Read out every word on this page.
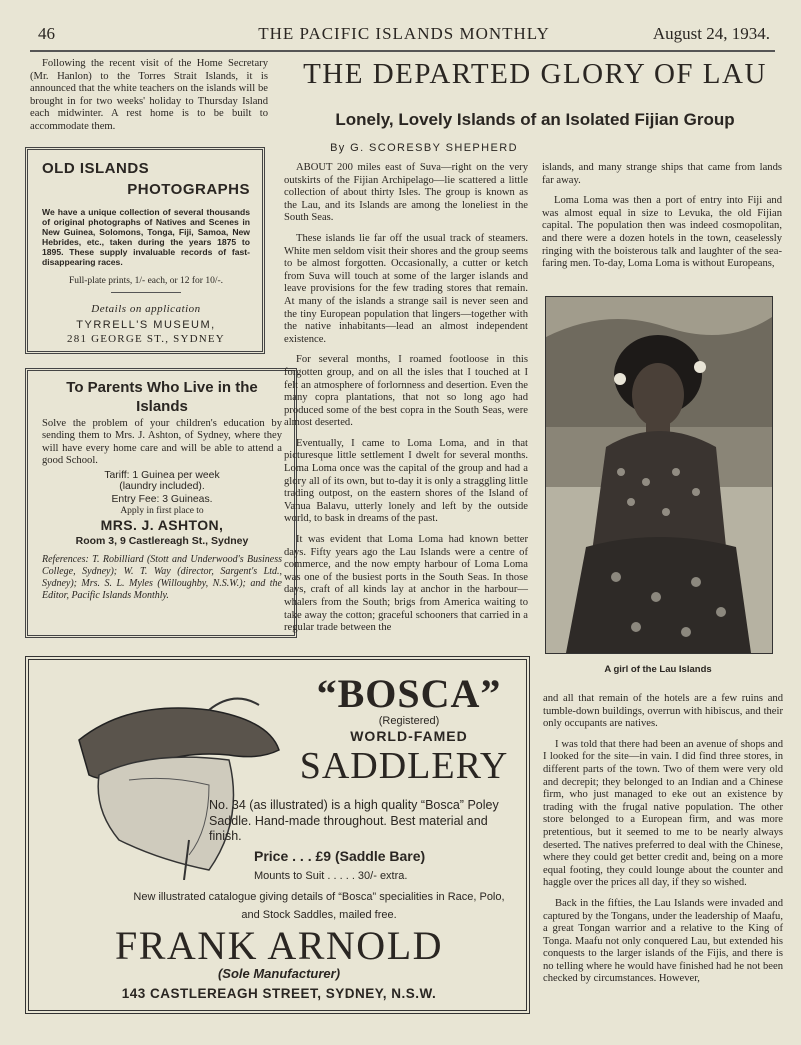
46	THE PACIFIC ISLANDS MONTHLY	August 24, 1934.

Following the recent visit of the Home Secretary (Mr. Hanlon) to the Torres Strait Islands, it is announced that the white teachers on the islands will be brought in for two weeks' holiday to Thursday Island each midwinter. A rest home is to be built to accommodate them.

OLD ISLANDS
PHOTOGRAPHS
We have a unique collection of several thousands of original photographs of Natives and Scenes in New Guinea, Solomons, Tonga, Fiji, Samoa, New Hebrides, etc., taken during the years 1875 to 1895. These supply invaluable records of fast-disappearing races.
Full-plate prints, 1/- each, or 12 for 10/-.
Details on application
TYRRELL'S MUSEUM,
281 GEORGE ST., SYDNEY
To Parents Who Live in the Islands
Solve the problem of your children's education by sending them to Mrs. J. Ashton, of Sydney, where they will have every home care and will be able to attend a good School.
Tariff: 1 Guinea per week
(laundry included).
Entry Fee: 3 Guineas.
Apply in first place to
MRS. J. ASHTON,
Room 3, 9 Castlereagh St., Sydney
References: T. Robilliard (Stott and Underwood's Business College, Sydney); W. T. Way (director, Sargent's Ltd., Sydney); Mrs. S. L. Myles (Willoughby, N.S.W.); and the Editor, Pacific Islands Monthly.
THE DEPARTED GLORY OF LAU
Lonely, Lovely Islands of an Isolated Fijian Group
By G. SCORESBY SHEPHERD

ABOUT 200 miles east of Suva—right on the very outskirts of the Fijian Archipelago—lie scattered a little collection of about thirty Isles. The group is known as the Lau, and its Islands are among the loneliest in the South Seas.

These islands lie far off the usual track of steamers. White men seldom visit their shores and the group seems to be almost forgotten. Occasionally, a cutter or ketch from Suva will touch at some of the larger islands and leave provisions for the few trading stores that remain. At many of the islands a strange sail is never seen and the tiny European population that lingers—together with the native inhabitants—lead an almost independent existence.

For several months, I roamed footloose in this forgotten group, and on all the isles that I touched at I felt an atmosphere of forlornness and desertion. Even the many copra plantations, that not so long ago had produced some of the best copra in the South Seas, were almost deserted.

Eventually, I came to Loma Loma, and in that picturesque little settlement I dwelt for several months. Loma Loma once was the capital of the group and had a glory all of its own, but to-day it is only a straggling little trading outpost, on the eastern shores of the Island of Vanua Balavu, utterly lonely and left by the outside world, to bask in dreams of the past.

It was evident that Loma Loma had known better days. Fifty years ago the Lau Islands were a centre of commerce, and the now empty harbour of Loma Loma was one of the busiest ports in the South Seas. In those days, craft of all kinds lay at anchor in the harbour—whalers from the South; brigs from America waiting to take away the cotton; graceful schooners that carried in a regular trade between the

islands, and many strange ships that came from lands far away.

Loma Loma was then a port of entry into Fiji and was almost equal in size to Levuka, the old Fijian capital. The population then was indeed cosmopolitan, and there were a dozen hotels in the town, ceaselessly ringing with the boisterous talk and laughter of the sea-faring men. To-day, Loma Loma is without Europeans,

A girl of the Lau Islands

and all that remain of the hotels are a few ruins and tumble-down buildings, overrun with hibiscus, and their only occupants are natives.

I was told that there had been an avenue of shops and I looked for the site—in vain. I did find three stores, in different parts of the town. Two of them were very old and decrepit; they belonged to an Indian and a Chinese firm, who just managed to eke out an existence by trading with the frugal native population. The other store belonged to a European firm, and was more pretentious, but it seemed to me to be nearly always deserted. The natives preferred to deal with the Chinese, where they could get better credit and, being on a more equal footing, they could lounge about the counter and haggle over the prices all day, if they so wished.

Back in the fifties, the Lau Islands were invaded and captured by the Tongans, under the leadership of Maafu, a great Tongan warrior and a relative to the King of Tonga. Maafu not only conquered Lau, but extended his conquests to the larger islands of the Fijis, and there is no telling where he would have finished had he not been checked by circumstances. However,

“BOSCA”
(Registered)
WORLD-FAMED
SADDLERY
No. 34 (as illustrated) is a high quality “Bosca” Poley Saddle. Hand-made throughout. Best material and finish.
Price . . . £9 (Saddle Bare)
Mounts to Suit . . . . . 30/- extra.
New illustrated catalogue giving details of “Bosca” specialities in Race, Polo, and Stock Saddles, mailed free.
FRANK ARNOLD
(Sole Manufacturer)
143 CASTLEREAGH STREET, SYDNEY, N.S.W.
